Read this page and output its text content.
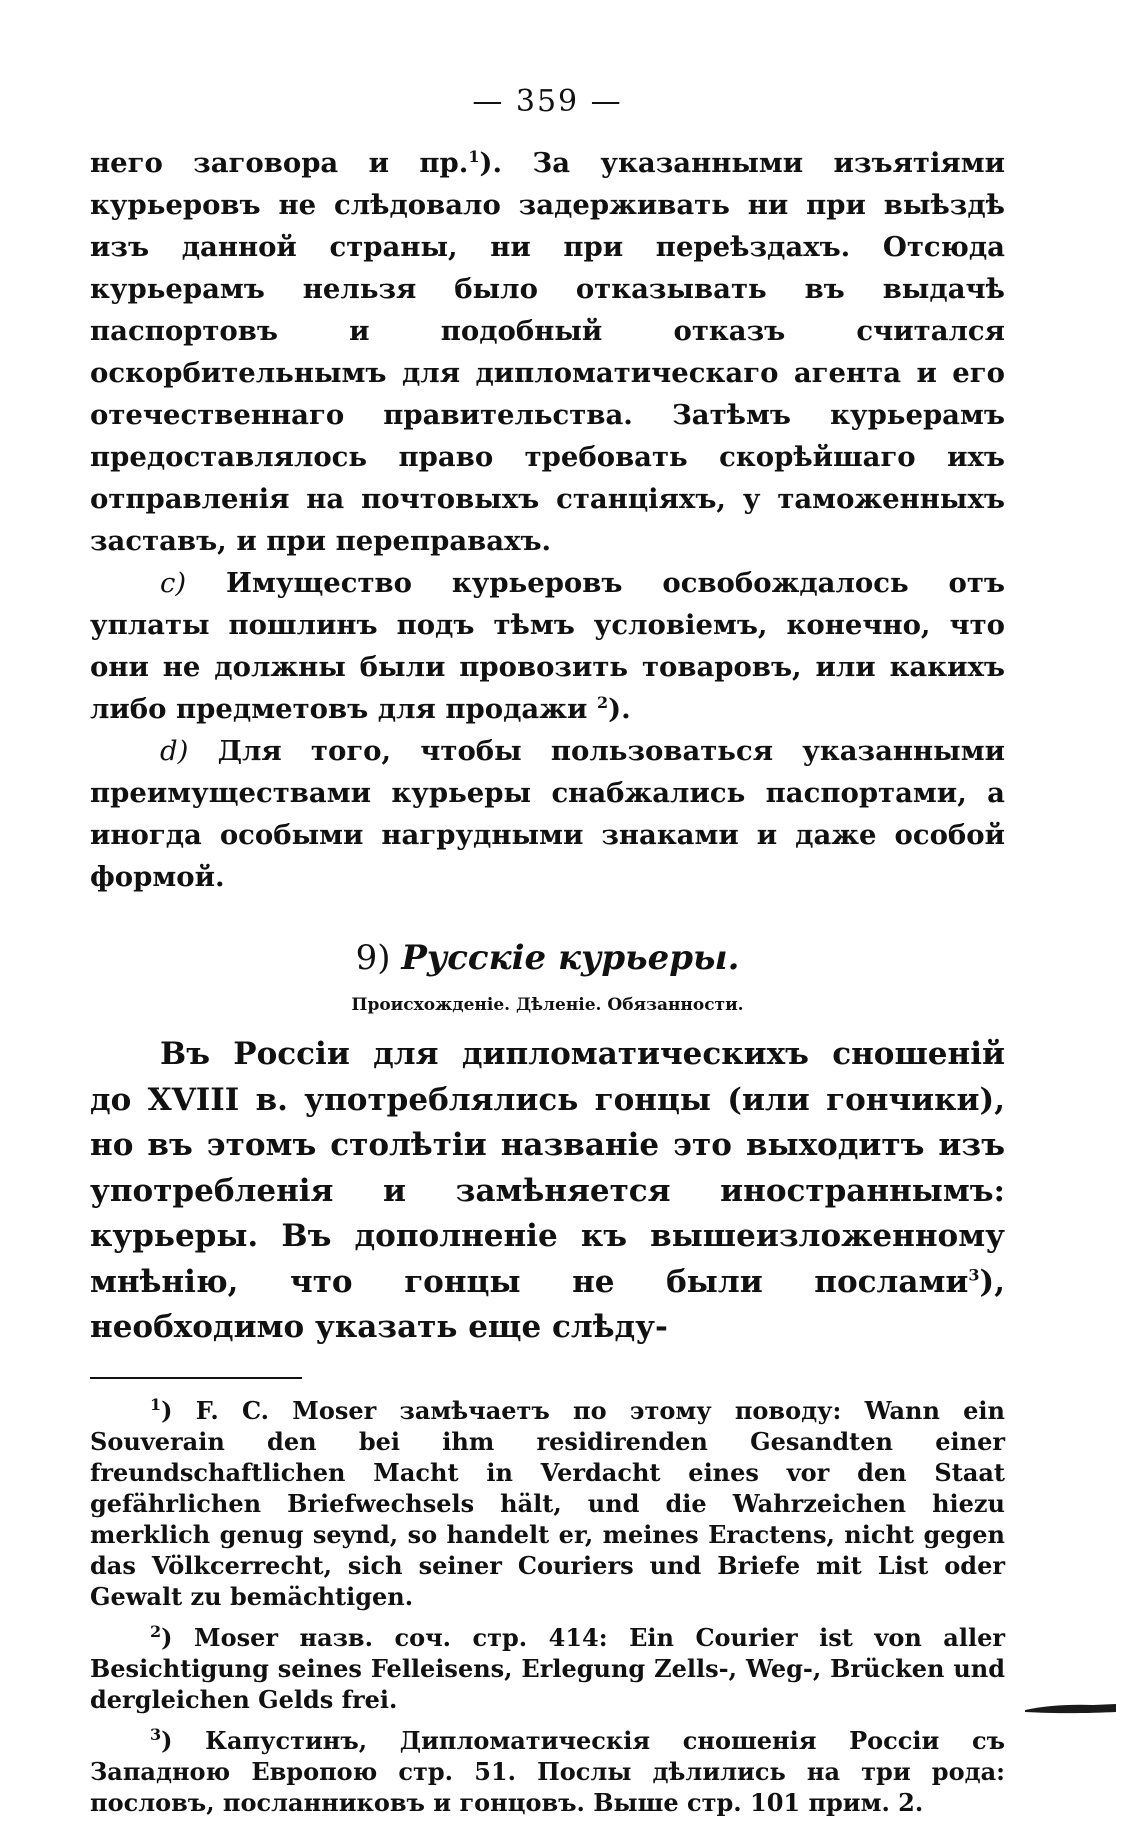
— 359 —

него заговора и пр.$^1$). За указанными изъятіями курьеровъ не слѣдовало задерживать ни при выѣздѣ изъ данной страны, ни при переѣздахъ. Отсюда курьерамъ нельзя было отказывать въ выдачѣ паспортовъ и подобный отказъ считался оскорбительнымъ для дипломатическаго агента и его отечественнаго правительства. Затѣмъ курьерамъ предоставлялось право требовать скорѣйшаго ихъ отправленія на почтовыхъ станціяхъ, у таможенныхъ заставъ, и при переправахъ.

с) Имущество курьеровъ освобождалось отъ уплаты пошлинъ подъ тѣмъ условіемъ, конечно, что они не должны были провозить товаровъ, или какихъ либо предметовъ для продажи $^2$).

d) Для того, чтобы пользоваться указанными преимуществами курьеры снабжались паспортами, а иногда особыми нагрудными знаками и даже особой формой.

9) Русскіе курьеры.
Происхожденіе. Дѣленіе. Обязанности.

Въ Россіи для дипломатическихъ сношеній до XVIII в. употреблялись гонцы (или гончики), но въ этомъ столѣтіи названіе это выходитъ изъ употребленія и замѣняется иностраннымъ: курьеры. Въ дополненіе къ вышеизложенному мнѣнію, что гонцы не были послами$^3$), необходимо указать еще слѣду-

$^1$) F. C. Moser замѣчаетъ по этому поводу: Wann ein Souverain den bei ihm residirenden Gesandten einer freundschaftlichen Macht in Verdacht eines vor den Staat gefährlichen Briefwechsels hält, und die Wahrzeichen hiezu merklich genug seynd, so handelt er, meines Eractens, nicht gegen das Völkcerrecht, sich seiner Couriers und Briefe mit List oder Gewalt zu bemächtigen.

$^2$) Moser назв. соч. стр. 414: Ein Courier ist von aller Besichtigung seines Felleisens, Erlegung Zells-, Weg-, Brücken und dergleichen Gelds frei.

$^3$) Капустинъ, Дипломатическія сношенія Россіи съ Западною Европою стр. 51. Послы дѣлились на три рода: пословъ, посланниковъ и гонцовъ. Выше стр. 101 прим. 2.
